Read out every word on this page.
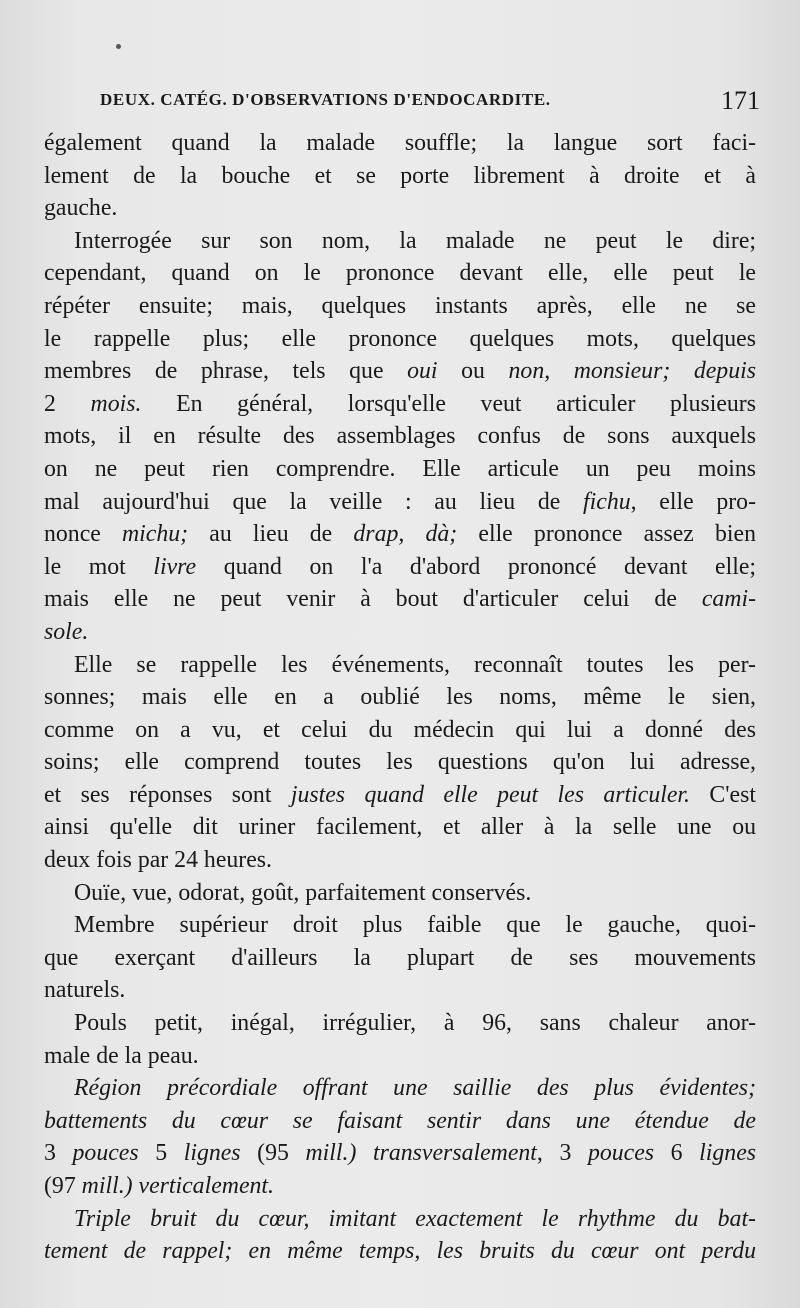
DEUX. CATÉG. D'OBSERVATIONS D'ENDOCARDITE.	171
également quand la malade souffle; la langue sort faci-
lement de la bouche et se porte librement à droite et à
gauche.
Interrogée sur son nom, la malade ne peut le dire;
cependant, quand on le prononce devant elle, elle peut le
répéter ensuite; mais, quelques instants après, elle ne se
le rappelle plus; elle prononce quelques mots, quelques
membres de phrase, tels que oui ou non, monsieur; depuis
2 mois. En général, lorsqu'elle veut articuler plusieurs
mots, il en résulte des assemblages confus de sons auxquels
on ne peut rien comprendre. Elle articule un peu moins
mal aujourd'hui que la veille : au lieu de fichu, elle pro-
nonce michu; au lieu de drap, dà; elle prononce assez bien
le mot livre quand on l'a d'abord prononcé devant elle;
mais elle ne peut venir à bout d'articuler celui de cami-
sole.
Elle se rappelle les événements, reconnaît toutes les per-
sonnes; mais elle en a oublié les noms, même le sien,
comme on a vu, et celui du médecin qui lui a donné des
soins; elle comprend toutes les questions qu'on lui adresse,
et ses réponses sont justes quand elle peut les articuler. C'est
ainsi qu'elle dit uriner facilement, et aller à la selle une ou
deux fois par 24 heures.
Ouïe, vue, odorat, goût, parfaitement conservés.
Membre supérieur droit plus faible que le gauche, quoi-
que exerçant d'ailleurs la plupart de ses mouvements
naturels.
Pouls petit, inégal, irrégulier, à 96, sans chaleur anor-
male de la peau.
Région précordiale offrant une saillie des plus évidentes;
battements du cœur se faisant sentir dans une étendue de
3 pouces 5 lignes (95 mill.) transversalement, 3 pouces 6 lignes
(97 mill.) verticalement.
Triple bruit du cœur, imitant exactement le rhythme du bat-
tement de rappel; en même temps, les bruits du cœur ont perdu
